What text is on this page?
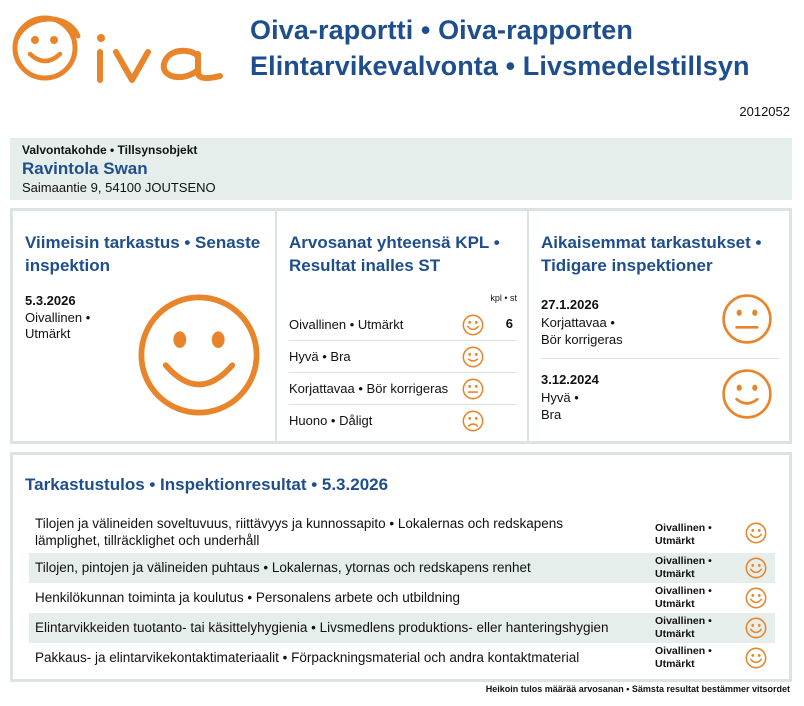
Oiva-raportti • Oiva-rapporten
Elintarvikevalvonta • Livsmedelstillsyn
2012052
Valvontakohde • Tillsynsobjekt
Ravintola Swan
Saimaantie 9, 54100 JOUTSENO
Viimeisin tarkastus • Senaste inspektion
5.3.2026
Oivallinen •
Utmärkt
Arvosanat yhteensä KPL • Resultat inalles ST
kpl • st
Oivallinen • Utmärkt	6
Hyvä • Bra
Korjattavaa • Bör korrigeras
Huono • Dåligt
Aikaisemmat tarkastukset • Tidigare inspektioner
27.1.2026
Korjattavaa •
Bör korrigeras
3.12.2024
Hyvä •
Bra
Tarkastustulos • Inspektionresultat • 5.3.2026
Tilojen ja välineiden soveltuvuus, riittävyys ja kunnossapito • Lokalernas och redskapens lämplighet, tillräcklighet och underhåll
Oivallinen •
Utmärkt
Tilojen, pintojen ja välineiden puhtaus • Lokalernas, ytornas och redskapens renhet	Oivallinen •
Utmärkt
Henkilökunnan toiminta ja koulutus • Personalens arbete och utbildning	Oivallinen •
Utmärkt
Elintarvikkeiden tuotanto- tai käsittelyhygienia • Livsmedlens produktions- eller hanteringshygien	Oivallinen •
Utmärkt
Pakkaus- ja elintarvikekontaktimateriaalit • Förpackningsmaterial och andra kontaktmaterial	Oivallinen •
Utmärkt
Heikoin tulos määrää arvosanan • Sämsta resultat bestämmer vitsordet
